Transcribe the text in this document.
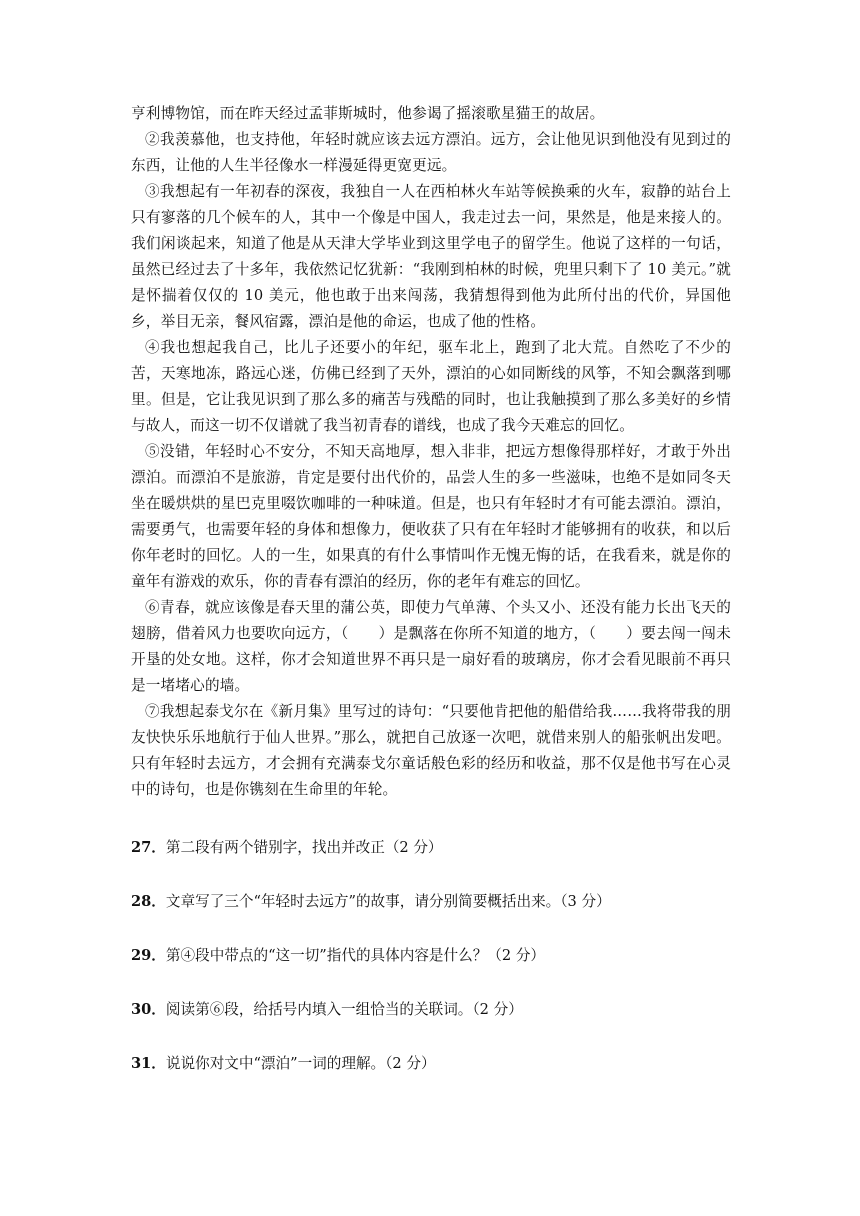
亨利博物馆，而在昨天经过孟菲斯城时，他参谒了摇滚歌星猫王的故居。

②我羡慕他，也支持他，年轻时就应该去远方漂泊。远方，会让他见识到他没有见到过的东西，让他的人生半径像水一样漫延得更宽更远。

③我想起有一年初春的深夜，我独自一人在西柏林火车站等候换乘的火车，寂静的站台上只有寥落的几个候车的人，其中一个像是中国人，我走过去一问，果然是，他是来接人的。我们闲谈起来，知道了他是从天津大学毕业到这里学电子的留学生。他说了这样的一句话，虽然已经过去了十多年，我依然记忆犹新：“我刚到柏林的时候，兜里只剩下了 10 美元。”就是怀揣着仅仅的 10 美元，他也敢于出来闯荡，我猜想得到他为此所付出的代价，异国他乡，举目无亲，餐风宿露，漂泊是他的命运，也成了他的性格。

④我也想起我自己，比儿子还要小的年纪，驱车北上，跑到了北大荒。自然吃了不少的苦，天寒地冻，路远心迷，仿佛已经到了天外，漂泊的心如同断线的风筝，不知会飘落到哪里。但是，它让我见识到了那么多的痛苦与残酷的同时，也让我触摸到了那么多美好的乡情与故人，而这一切不仅谱就了我当初青春的谱线，也成了我今天难忘的回忆。

⑤没错，年轻时心不安分，不知天高地厚，想入非非，把远方想像得那样好，才敢于外出漂泊。而漂泊不是旅游，肯定是要付出代价的，品尝人生的多一些滋味，也绝不是如同冬天坐在暖烘烘的星巴克里啜饮咖啡的一种味道。但是，也只有年轻时才有可能去漂泊。漂泊，需要勇气，也需要年轻的身体和想像力，便收获了只有在年轻时才能够拥有的收获，和以后你年老时的回忆。人的一生，如果真的有什么事情叫作无愧无悔的话，在我看来，就是你的童年有游戏的欢乐，你的青春有漂泊的经历，你的老年有难忘的回忆。

⑥青春，就应该像是春天里的蒲公英，即使力气单薄、个头又小、还没有能力长出飞天的翅膀，借着风力也要吹向远方，（　　）是飘落在你所不知道的地方，（　　）要去闯一闯未开垦的处女地。这样，你才会知道世界不再只是一扇好看的玻璃房，你才会看见眼前不再只是一堵堵心的墙。

⑦我想起泰戈尔在《新月集》里写过的诗句：“只要他肯把他的船借给我……我将带我的朋友快快乐乐地航行于仙人世界。”那么，就把自己放逐一次吧，就借来别人的船张帆出发吧。只有年轻时去远方，才会拥有充满泰戈尔童话般色彩的经历和收益，那不仅是他书写在心灵中的诗句，也是你镌刻在生命里的年轮。

27．第二段有两个错别字，找出并改正（2 分）

28．文章写了三个“年轻时去远方”的故事，请分别简要概括出来。（3 分）

29．第④段中带点的“这一切”指代的具体内容是什么？（2 分）

30．阅读第⑥段，给括号内填入一组恰当的关联词。（2 分）

31．说说你对文中“漂泊”一词的理解。（2 分）
